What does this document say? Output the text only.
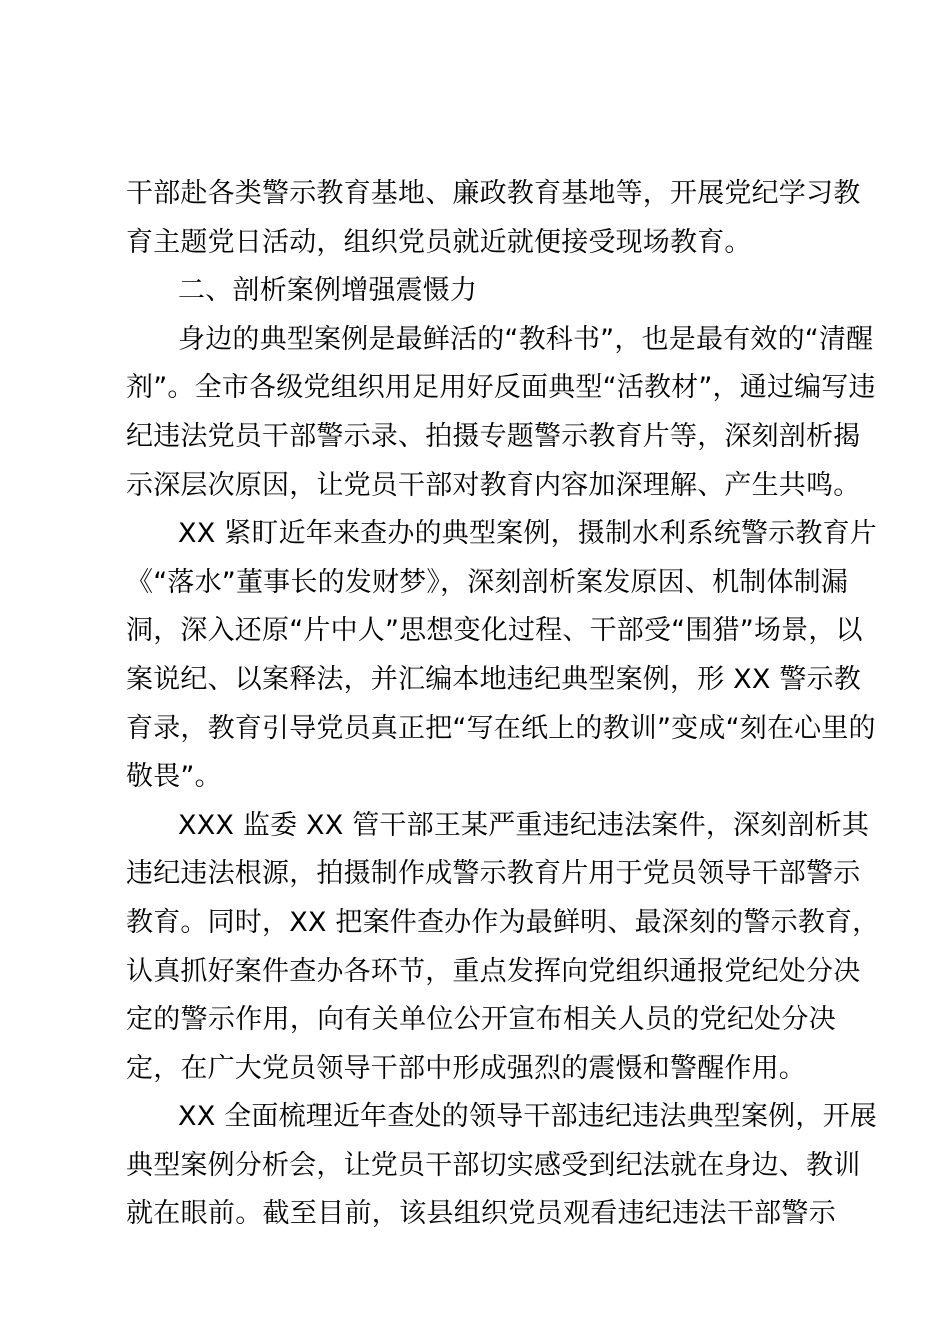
干部赴各类警示教育基地、廉政教育基地等，开展党纪学习教
育主题党日活动，组织党员就近就便接受现场教育。
二、剖析案例增强震慑力
身边的典型案例是最鲜活的“教科书”，也是最有效的“清醒
剂”。全市各级党组织用足用好反面典型“活教材”，通过编写违
纪违法党员干部警示录、拍摄专题警示教育片等，深刻剖析揭
示深层次原因，让党员干部对教育内容加深理解、产生共鸣。
XX 紧盯近年来查办的典型案例，摄制水利系统警示教育片
《“落水”董事长的发财梦》，深刻剖析案发原因、机制体制漏
洞，深入还原“片中人”思想变化过程、干部受“围猎”场景，以
案说纪、以案释法，并汇编本地违纪典型案例，形 XX 警示教
育录，教育引导党员真正把“写在纸上的教训”变成“刻在心里的
敬畏”。
XXX 监委 XX 管干部王某严重违纪违法案件，深刻剖析其
违纪违法根源，拍摄制作成警示教育片用于党员领导干部警示
教育。同时，XX 把案件查办作为最鲜明、最深刻的警示教育，
认真抓好案件查办各环节，重点发挥向党组织通报党纪处分决
定的警示作用，向有关单位公开宣布相关人员的党纪处分决
定，在广大党员领导干部中形成强烈的震慑和警醒作用。
XX 全面梳理近年查处的领导干部违纪违法典型案例，开展
典型案例分析会，让党员干部切实感受到纪法就在身边、教训
就在眼前。截至目前，该县组织党员观看违纪违法干部警示
